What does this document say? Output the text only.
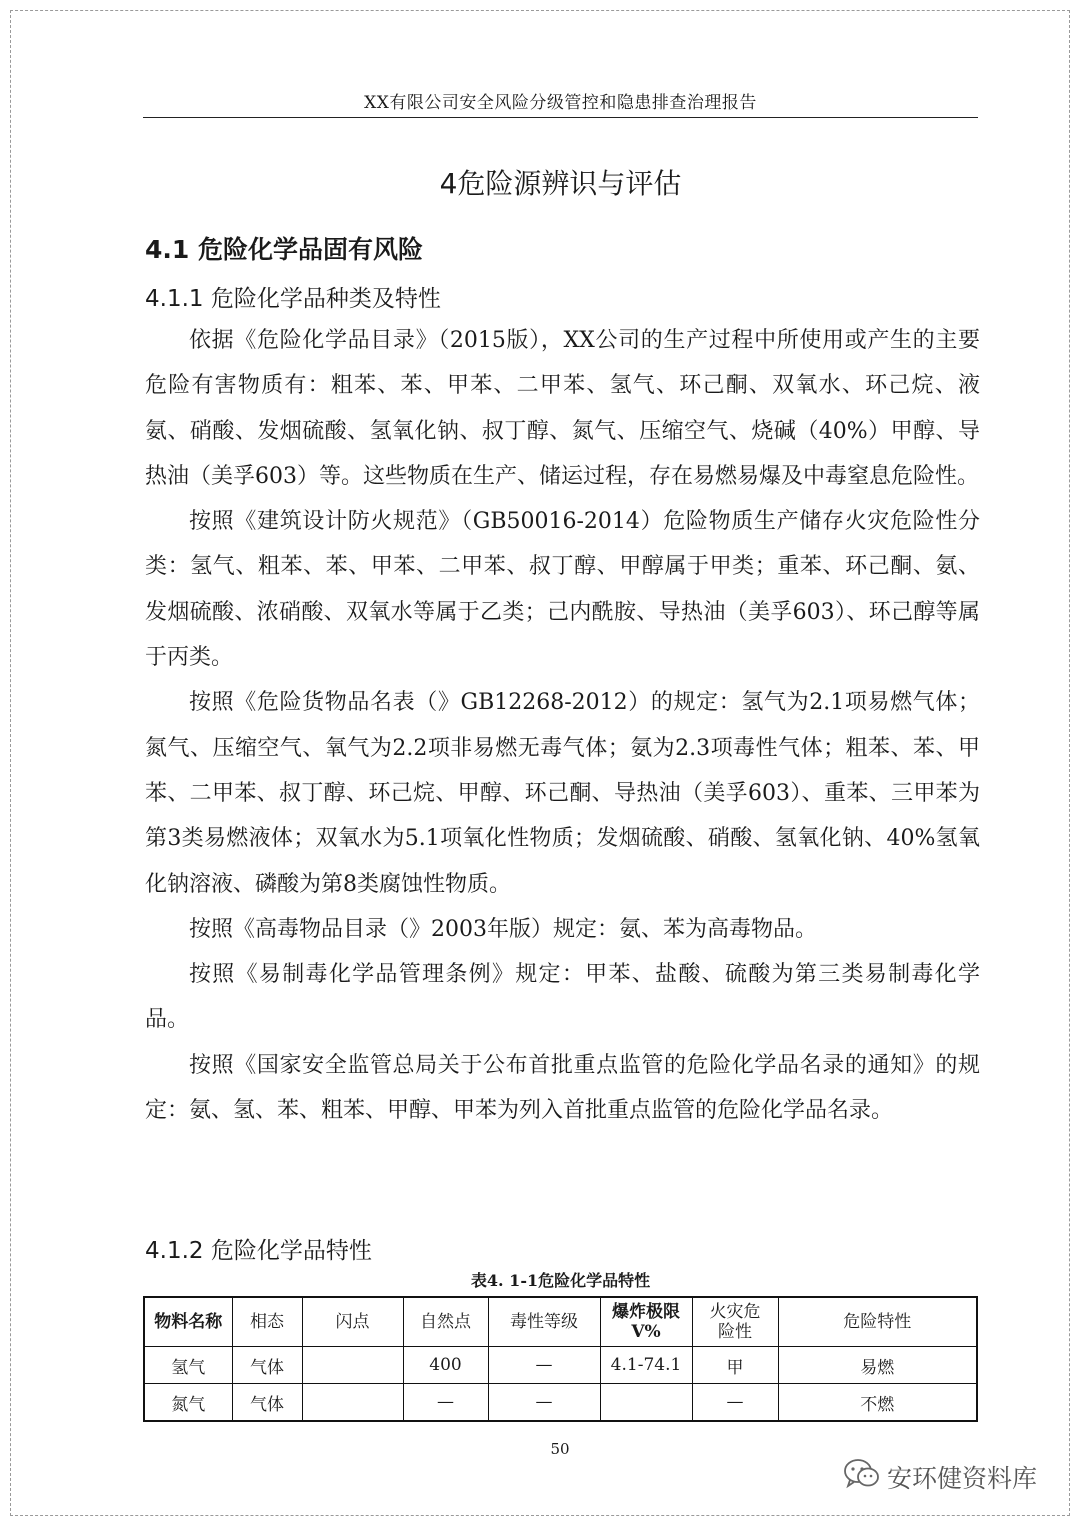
XX有限公司安全风险分级管控和隐患排查治理报告
4危险源辨识与评估
4.1 危险化学品固有风险
4.1.1 危险化学品种类及特性

依据《危险化学品目录》（2015版），XX公司的生产过程中所使用或产生的主要危险有害物质有：粗苯、苯、甲苯、二甲苯、氢气、环己酮、双氧水、环己烷、液氨、硝酸、发烟硫酸、氢氧化钠、叔丁醇、氮气、压缩空气、烧碱（40%）甲醇、导热油（美孚603）等。这些物质在生产、储运过程，存在易燃易爆及中毒窒息危险性。

按照《建筑设计防火规范》（GB50016-2014）危险物质生产储存火灾危险性分类：氢气、粗苯、苯、甲苯、二甲苯、叔丁醇、甲醇属于甲类；重苯、环己酮、氨、发烟硫酸、浓硝酸、双氧水等属于乙类；己内酰胺、导热油（美孚603）、环己醇等属于丙类。

按照《危险货物品名表（》GB12268-2012）的规定：氢气为2.1项易燃气体；氮气、压缩空气、氧气为2.2项非易燃无毒气体；氨为2.3项毒性气体；粗苯、苯、甲苯、二甲苯、叔丁醇、环己烷、甲醇、环己酮、导热油（美孚603）、重苯、三甲苯为第3类易燃液体；双氧水为5.1项氧化性物质；发烟硫酸、硝酸、氢氧化钠、40%氢氧化钠溶液、磷酸为第8类腐蚀性物质。

按照《高毒物品目录（》2003年版）规定：氨、苯为高毒物品。

按照《易制毒化学品管理条例》规定：甲苯、盐酸、硫酸为第三类易制毒化学品。

按照《国家安全监管总局关于公布首批重点监管的危险化学品名录的通知》的规定：氨、氢、苯、粗苯、甲醇、甲苯为列入首批重点监管的危险化学品名录。

4.1.2 危险化学品特性
表4. 1-1危险化学品特性
物料名称	相态	闪点	自然点	毒性等级	爆炸极限V%	火灾危险性	危险特性
氢气	气体		400	—	4.1-74.1	甲	易燃
氮气	气体		—	—		—	不燃
50
安环健资料库
